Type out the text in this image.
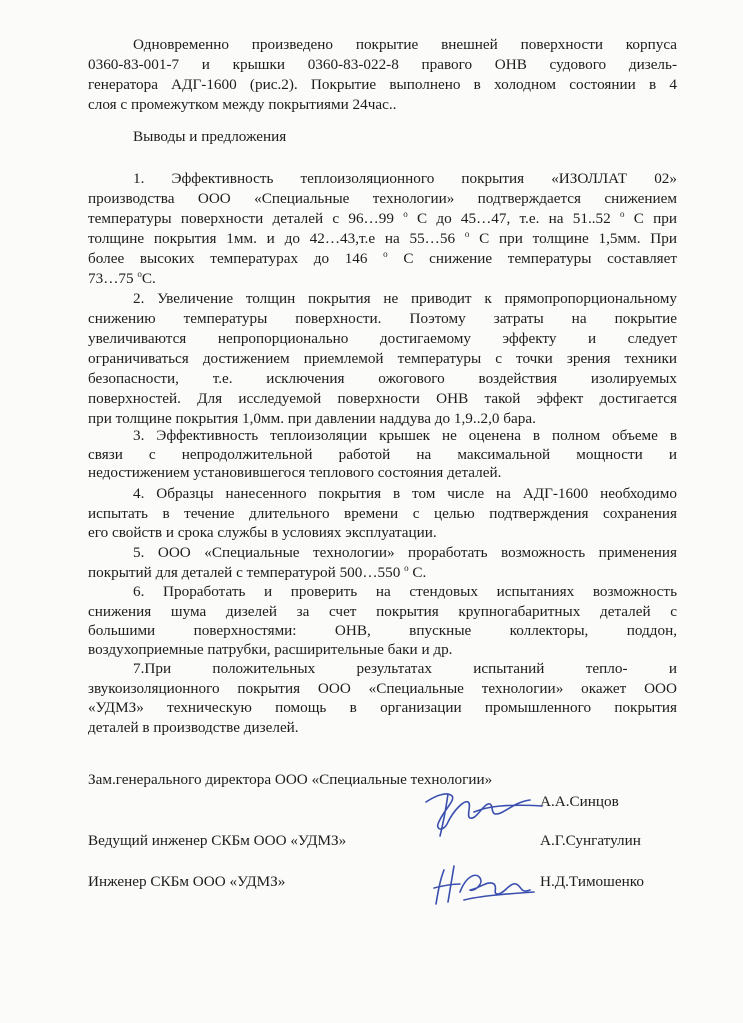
Одновременно произведено покрытие внешней поверхности корпуса
0360-83-001-7 и крышки 0360-83-022-8 правого ОНВ судового дизель-
генератора АДГ-1600 (рис.2). Покрытие выполнено в холодном состоянии в 4
слоя с промежутком между покрытиями 24час..
Выводы и предложения
1. Эффективность теплоизоляционного покрытия «ИЗОЛЛАТ 02»
производства ООО «Специальные технологии» подтверждается снижением
температуры поверхности деталей с 96…99 $^o$ С до 45…47, т.е. на 51..52 $^o$ С при
толщине покрытия 1мм. и до 42…43,т.е на 55…56 $^o$ С при толщине 1,5мм. При
более высоких температурах до 146 $^o$ С снижение температуры составляет
73…75 $^o$С.
2. Увеличение толщин покрытия не приводит к прямопропорциональному
снижению температуры поверхности. Поэтому затраты на покрытие
увеличиваются непропорционально достигаемому эффекту и следует
ограничиваться достижением приемлемой температуры с точки зрения техники
безопасности, т.е. исключения ожогового воздействия изолируемых
поверхностей. Для исследуемой поверхности ОНВ такой эффект достигается
при толщине покрытия 1,0мм. при давлении наддува до 1,9..2,0 бара.
3. Эффективность теплоизоляции крышек не оценена в полном объеме в
связи с непродолжительной работой на максимальной мощности и
недостижением установившегося теплового состояния деталей.
4. Образцы нанесенного покрытия в том числе на АДГ-1600 необходимо
испытать в течение длительного времени с целью подтверждения сохранения
его свойств и срока службы в условиях эксплуатации.
5. ООО «Специальные технологии» проработать возможность применения
покрытий для деталей с температурой 500…550 $^o$ С.
6. Проработать и проверить на стендовых испытаниях возможность
снижения шума дизелей за счет покрытия крупногабаритных деталей с
большими поверхностями: ОНВ, впускные коллекторы, поддон,
воздухоприемные патрубки, расширительные баки и др.
7.При положительных результатах испытаний тепло- и
звукоизоляционного покрытия ООО «Специальные технологии» окажет ООО
«УДМЗ» техническую помощь в организации промышленного покрытия
деталей в производстве дизелей.
Зам.генерального директора ООО «Специальные технологии»
А.А.Синцов
Ведущий инженер СКБм ООО «УДМЗ»	А.Г.Сунгатулин
Инженер СКБм ООО «УДМЗ»	Н.Д.Тимошенко
